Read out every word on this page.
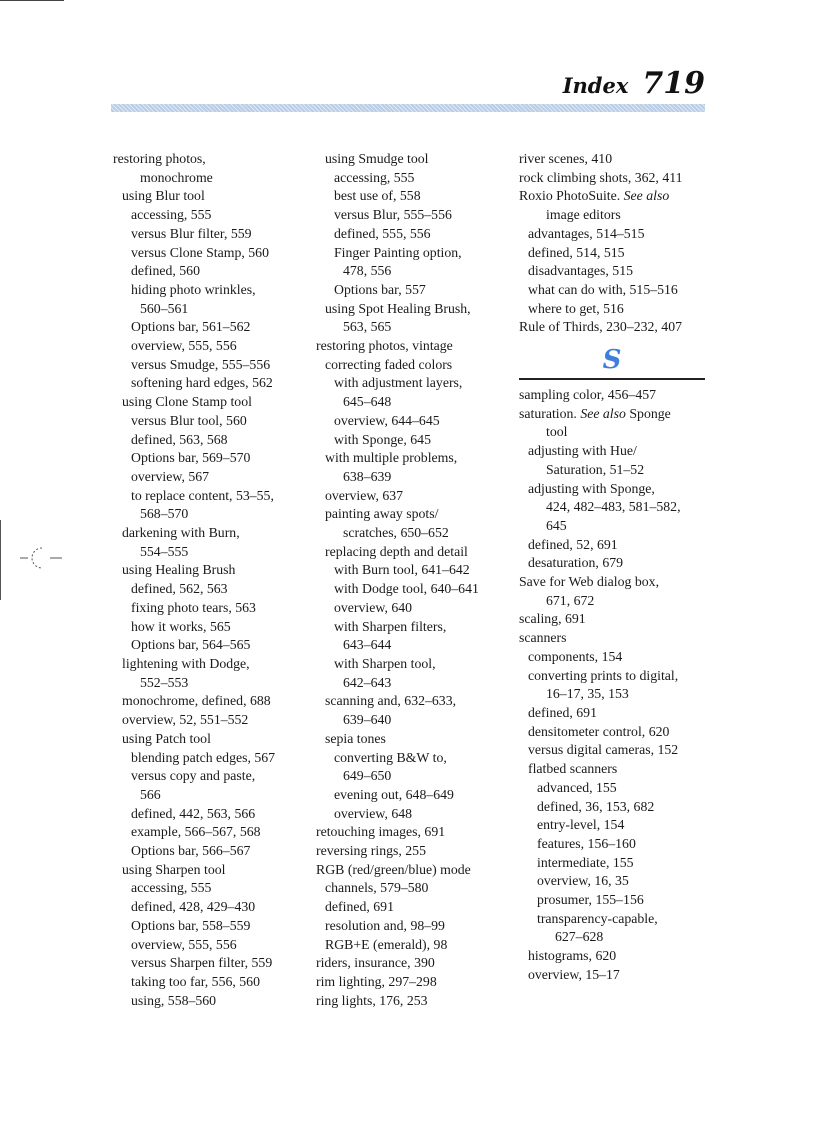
Index 719
restoring photos,
monochrome
using Blur tool
accessing, 555
versus Blur filter, 559
versus Clone Stamp, 560
defined, 560
hiding photo wrinkles,
560–561
Options bar, 561–562
overview, 555, 556
versus Smudge, 555–556
softening hard edges, 562
using Clone Stamp tool
versus Blur tool, 560
defined, 563, 568
Options bar, 569–570
overview, 567
to replace content, 53–55,
568–570
darkening with Burn,
554–555
using Healing Brush
defined, 562, 563
fixing photo tears, 563
how it works, 565
Options bar, 564–565
lightening with Dodge,
552–553
monochrome, defined, 688
overview, 52, 551–552
using Patch tool
blending patch edges, 567
versus copy and paste,
566
defined, 442, 563, 566
example, 566–567, 568
Options bar, 566–567
using Sharpen tool
accessing, 555
defined, 428, 429–430
Options bar, 558–559
overview, 555, 556
versus Sharpen filter, 559
taking too far, 556, 560
using, 558–560
using Smudge tool
accessing, 555
best use of, 558
versus Blur, 555–556
defined, 555, 556
Finger Painting option,
478, 556
Options bar, 557
using Spot Healing Brush,
563, 565
restoring photos, vintage
correcting faded colors
with adjustment layers,
645–648
overview, 644–645
with Sponge, 645
with multiple problems,
638–639
overview, 637
painting away spots/
scratches, 650–652
replacing depth and detail
with Burn tool, 641–642
with Dodge tool, 640–641
overview, 640
with Sharpen filters,
643–644
with Sharpen tool,
642–643
scanning and, 632–633,
639–640
sepia tones
converting B&W to,
649–650
evening out, 648–649
overview, 648
retouching images, 691
reversing rings, 255
RGB (red/green/blue) mode
channels, 579–580
defined, 691
resolution and, 98–99
RGB+E (emerald), 98
riders, insurance, 390
rim lighting, 297–298
ring lights, 176, 253
river scenes, 410
rock climbing shots, 362, 411
Roxio PhotoSuite. See also
image editors
advantages, 514–515
defined, 514, 515
disadvantages, 515
what can do with, 515–516
where to get, 516
Rule of Thirds, 230–232, 407
S
sampling color, 456–457
saturation. See also Sponge
tool
adjusting with Hue/
Saturation, 51–52
adjusting with Sponge,
424, 482–483, 581–582,
645
defined, 52, 691
desaturation, 679
Save for Web dialog box,
671, 672
scaling, 691
scanners
components, 154
converting prints to digital,
16–17, 35, 153
defined, 691
densitometer control, 620
versus digital cameras, 152
flatbed scanners
advanced, 155
defined, 36, 153, 682
entry-level, 154
features, 156–160
intermediate, 155
overview, 16, 35
prosumer, 155–156
transparency-capable,
627–628
histograms, 620
overview, 15–17
